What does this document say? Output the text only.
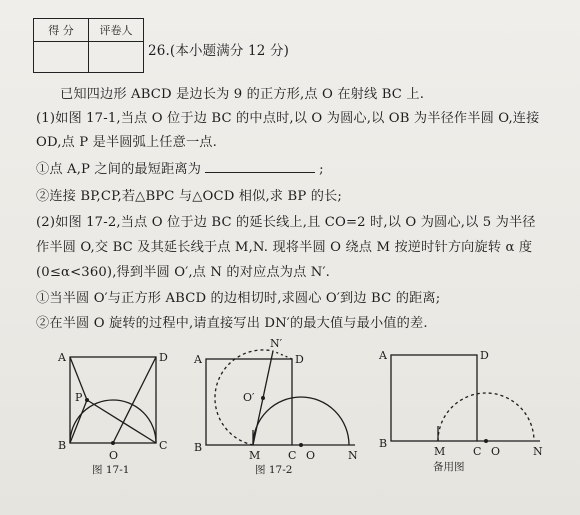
得 分	评卷人

26.(本小题满分 12 分)
已知四边形 ABCD 是边长为 9 的正方形,点 O 在射线 BC 上.
(1)如图 17-1,当点 O 位于边 BC 的中点时,以 O 为圆心,以 OB 为半径作半圆 O,连接
OD,点 P 是半圆弧上任意一点.
①点 A,P 之间的最短距离为	;
②连接 BP,CP,若△BPC 与△OCD 相似,求 BP 的长;
(2)如图 17-2,当点 O 位于边 BC 的延长线上,且 CO=2 时,以 O 为圆心,以 5 为半径
作半圆 O,交 BC 及其延长线于点 M,N. 现将半圆 O 绕点 M 按逆时针方向旋转 α 度
(0≤α<360),得到半圆 O′,点 N 的对应点为点 N′.
①当半圆 O′与正方形 ABCD 的边相切时,求圆心 O′到边 BC 的距离;
②在半圆 O 旋转的过程中,请直接写出 DN′的最大值与最小值的差.
A	D
P
B	C
O
图 17-1
A	D
N′
O′
B
M	C O	N
图 17-2
A	D
B
M	C O	N
备用图
